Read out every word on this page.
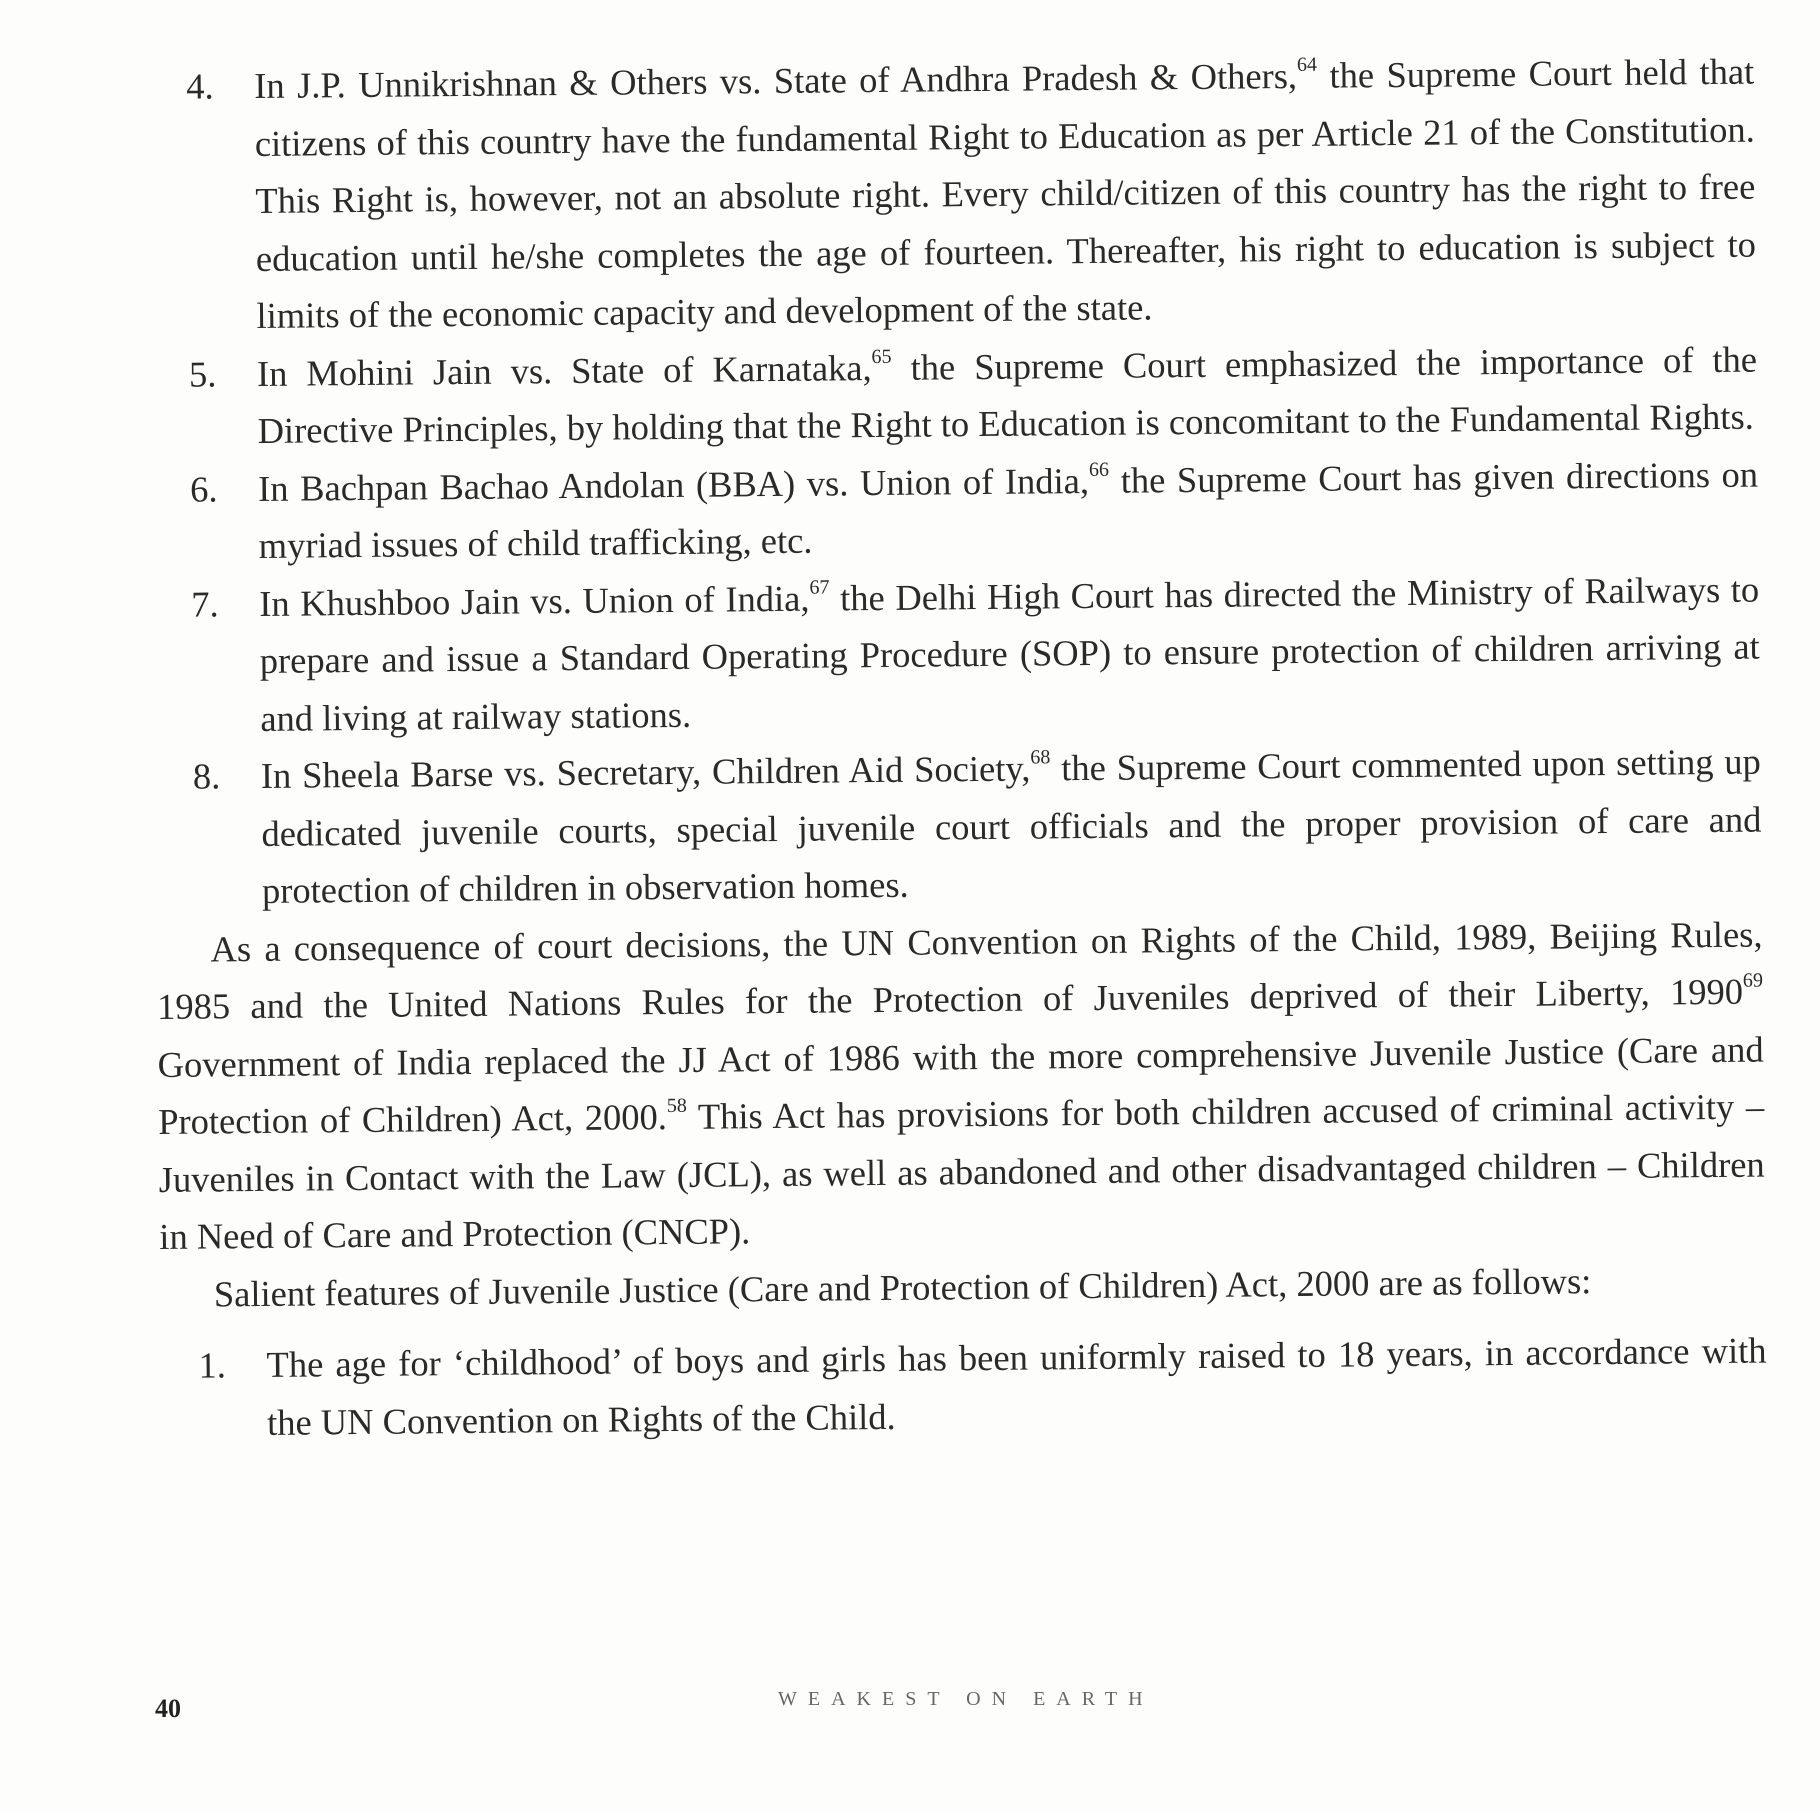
4. In J.P. Unnikrishnan & Others vs. State of Andhra Pradesh & Others,$^{64}$ the Supreme Court held that citizens of this country have the fundamental Right to Education as per Article 21 of the Constitution. This Right is, however, not an absolute right. Every child/citizen of this country has the right to free education until he/she completes the age of fourteen. Thereafter, his right to education is subject to limits of the economic capacity and development of the state.
5. In Mohini Jain vs. State of Karnataka,$^{65}$ the Supreme Court emphasized the importance of the Directive Principles, by holding that the Right to Education is concomitant to the Fundamental Rights.
6. In Bachpan Bachao Andolan (BBA) vs. Union of India,$^{66}$ the Supreme Court has given directions on myriad issues of child trafficking, etc.
7. In Khushboo Jain vs. Union of India,$^{67}$ the Delhi High Court has directed the Ministry of Railways to prepare and issue a Standard Operating Procedure (SOP) to ensure protection of children arriving at and living at railway stations.
8. In Sheela Barse vs. Secretary, Children Aid Society,$^{68}$ the Supreme Court commented upon setting up dedicated juvenile courts, special juvenile court officials and the proper provision of care and protection of children in observation homes.

As a consequence of court decisions, the UN Convention on Rights of the Child, 1989, Beijing Rules, 1985 and the United Nations Rules for the Protection of Juveniles deprived of their Liberty, 1990$^{69}$ Government of India replaced the JJ Act of 1986 with the more comprehensive Juvenile Justice (Care and Protection of Children) Act, 2000.58 This Act has provisions for both children accused of criminal activity – Juveniles in Contact with the Law (JCL), as well as abandoned and other disadvantaged children – Children in Need of Care and Protection (CNCP).

Salient features of Juvenile Justice (Care and Protection of Children) Act, 2000 are as follows:

1. The age for ‘childhood’ of boys and girls has been uniformly raised to 18 years, in accordance with the UN Convention on Rights of the Child.
40	WEAKEST ON EARTH
